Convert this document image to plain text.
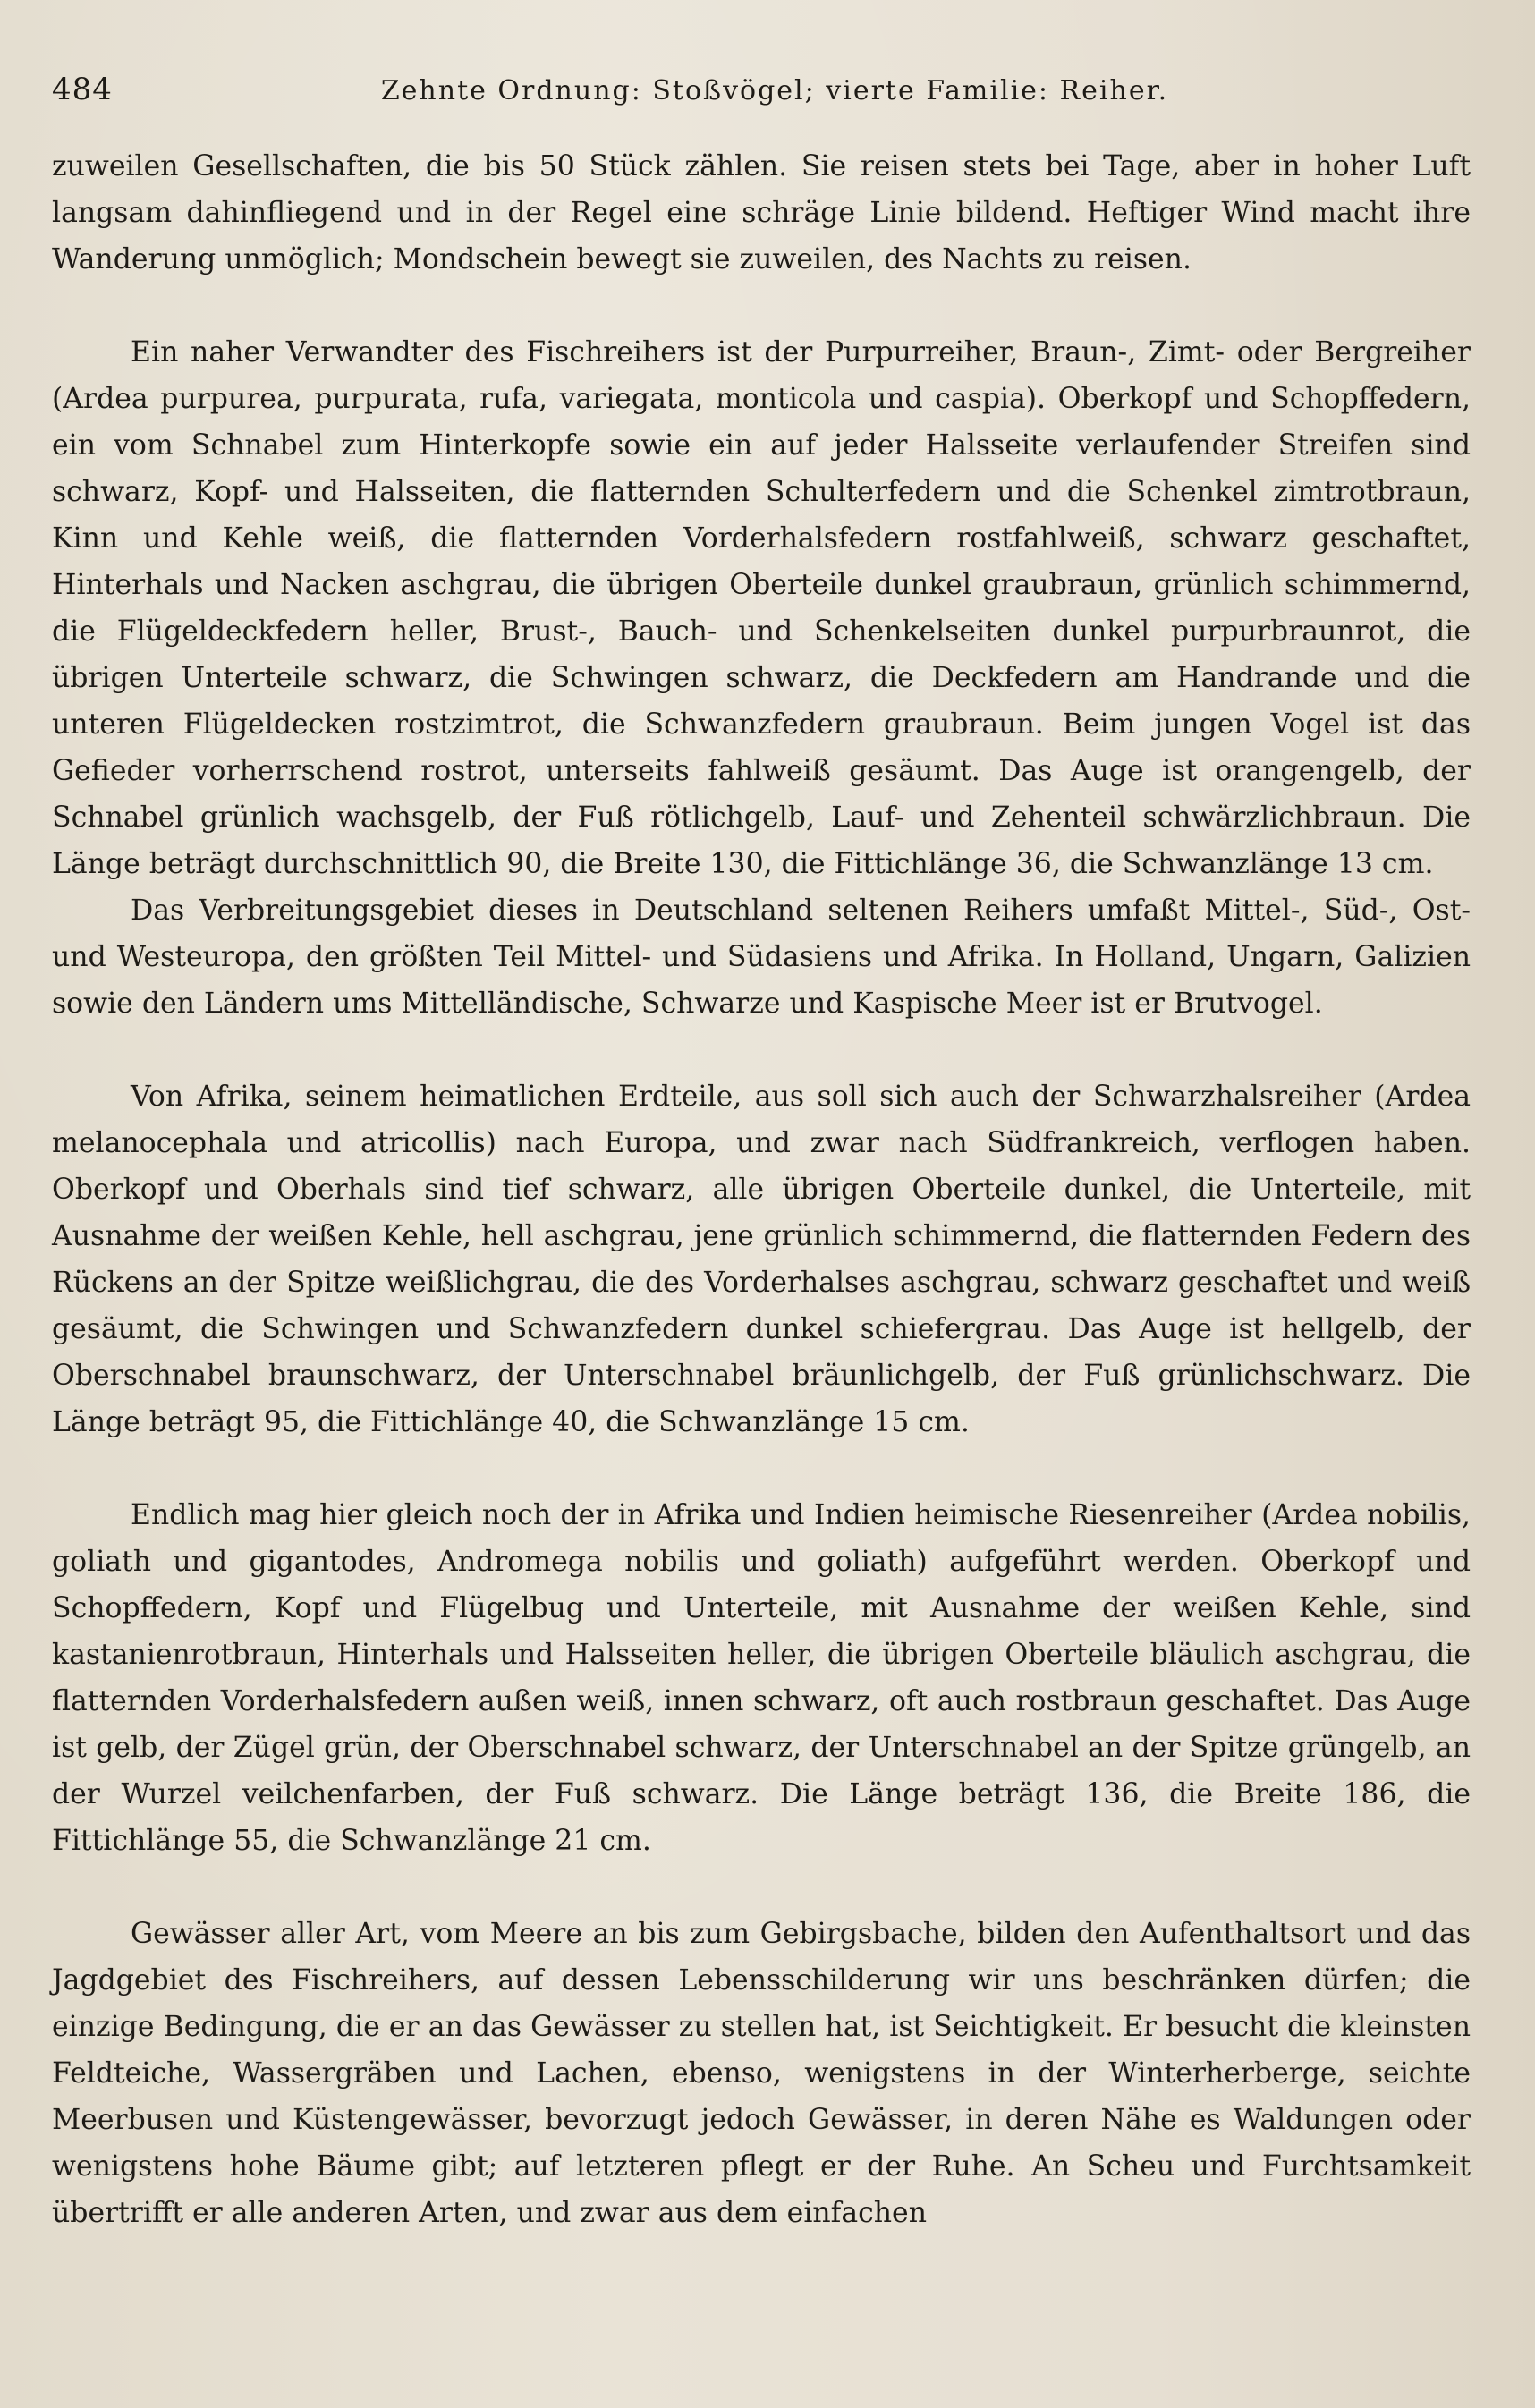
484	Zehnte Ordnung: Stoßvögel; vierte Familie: Reiher.

zuweilen Gesellschaften, die bis 50 Stück zählen. Sie reisen stets bei Tage, aber in hoher Luft langsam dahinfliegend und in der Regel eine schräge Linie bildend. Heftiger Wind macht ihre Wanderung unmöglich; Mondschein bewegt sie zuweilen, des Nachts zu reisen.

Ein naher Verwandter des Fischreihers ist der Purpurreiher, Braun-, Zimt- oder Bergreiher (Ardea purpurea, purpurata, rufa, variegata, monticola und caspia). Oberkopf und Schopffedern, ein vom Schnabel zum Hinterkopfe sowie ein auf jeder Halsseite verlaufender Streifen sind schwarz, Kopf- und Halsseiten, die flatternden Schulterfedern und die Schenkel zimtrotbraun, Kinn und Kehle weiß, die flatternden Vorderhalsfedern rostfahlweiß, schwarz geschaftet, Hinterhals und Nacken aschgrau, die übrigen Oberteile dunkel graubraun, grünlich schimmernd, die Flügeldeckfedern heller, Brust-, Bauch- und Schenkelseiten dunkel purpurbraunrot, die übrigen Unterteile schwarz, die Schwingen schwarz, die Deckfedern am Handrande und die unteren Flügeldecken rostzimtrot, die Schwanzfedern graubraun. Beim jungen Vogel ist das Gefieder vorherrschend rostrot, unterseits fahlweiß gesäumt. Das Auge ist orangengelb, der Schnabel grünlich wachsgelb, der Fuß rötlichgelb, Lauf- und Zehenteil schwärzlichbraun. Die Länge beträgt durchschnittlich 90, die Breite 130, die Fittichlänge 36, die Schwanzlänge 13 cm.

Das Verbreitungsgebiet dieses in Deutschland seltenen Reihers umfaßt Mittel-, Süd-, Ost- und Westeuropa, den größten Teil Mittel- und Südasiens und Afrika. In Holland, Ungarn, Galizien sowie den Ländern ums Mittelländische, Schwarze und Kaspische Meer ist er Brutvogel.

Von Afrika, seinem heimatlichen Erdteile, aus soll sich auch der Schwarzhalsreiher (Ardea melanocephala und atricollis) nach Europa, und zwar nach Südfrankreich, verflogen haben. Oberkopf und Oberhals sind tief schwarz, alle übrigen Oberteile dunkel, die Unterteile, mit Ausnahme der weißen Kehle, hell aschgrau, jene grünlich schimmernd, die flatternden Federn des Rückens an der Spitze weißlichgrau, die des Vorderhalses aschgrau, schwarz geschaftet und weiß gesäumt, die Schwingen und Schwanzfedern dunkel schiefergrau. Das Auge ist hellgelb, der Oberschnabel braunschwarz, der Unterschnabel bräunlichgelb, der Fuß grünlichschwarz. Die Länge beträgt 95, die Fittichlänge 40, die Schwanzlänge 15 cm.

Endlich mag hier gleich noch der in Afrika und Indien heimische Riesenreiher (Ardea nobilis, goliath und gigantodes, Andromega nobilis und goliath) aufgeführt werden. Oberkopf und Schopffedern, Kopf und Flügelbug und Unterteile, mit Ausnahme der weißen Kehle, sind kastanienrotbraun, Hinterhals und Halsseiten heller, die übrigen Oberteile bläulich aschgrau, die flatternden Vorderhalsfedern außen weiß, innen schwarz, oft auch rostbraun geschaftet. Das Auge ist gelb, der Zügel grün, der Oberschnabel schwarz, der Unterschnabel an der Spitze grüngelb, an der Wurzel veilchenfarben, der Fuß schwarz. Die Länge beträgt 136, die Breite 186, die Fittichlänge 55, die Schwanzlänge 21 cm.

Gewässer aller Art, vom Meere an bis zum Gebirgsbache, bilden den Aufenthaltsort und das Jagdgebiet des Fischreihers, auf dessen Lebensschilderung wir uns beschränken dürfen; die einzige Bedingung, die er an das Gewässer zu stellen hat, ist Seichtigkeit. Er besucht die kleinsten Feldteiche, Wassergräben und Lachen, ebenso, wenigstens in der Winterherberge, seichte Meerbusen und Küstengewässer, bevorzugt jedoch Gewässer, in deren Nähe es Waldungen oder wenigstens hohe Bäume gibt; auf letzteren pflegt er der Ruhe. An Scheu und Furchtsamkeit übertrifft er alle anderen Arten, und zwar aus dem einfachen
